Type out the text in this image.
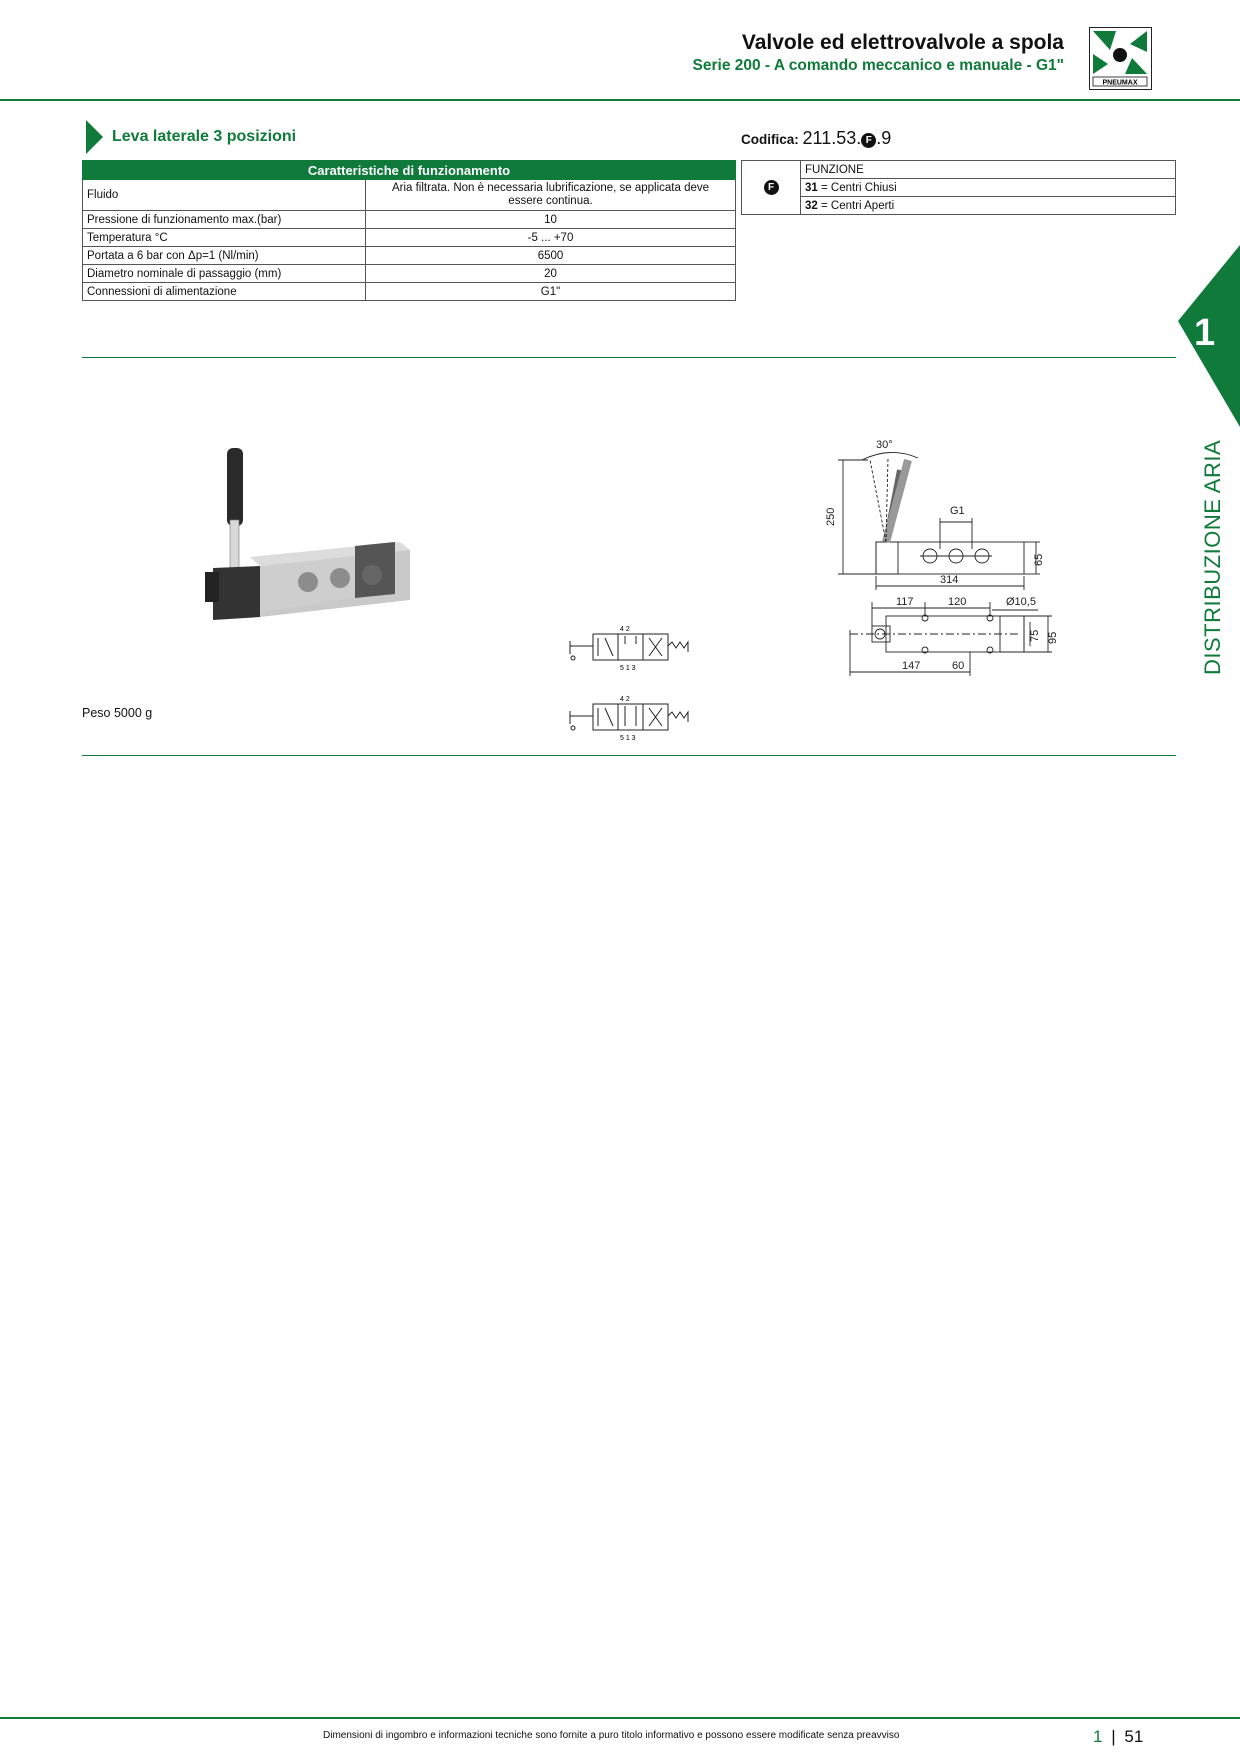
Valvole ed elettrovalvole a spola
Serie 200 - A comando meccanico e manuale - G1"
PNEUMAX
Leva laterale 3 posizioni	Codifica: 211.53. F .9
Caratteristiche di funzionamento	
Fluido	Aria filtrata. Non è necessaria lubrificazione, se applicata deve essere continua.
Pressione di funzionamento max.(bar)	10
Temperatura °C	-5 ... +70
Portata a 6 bar con Δp=1 (Nl/min)	6500
Diametro nominale di passaggio (mm)	20
Connessioni di alimentazione	G1"
F	FUNZIONE
31 = Centri Chiusi
32 = Centri Aperti
1
DISTRIBUZIONE ARIA
Peso 5000 g
4 2
5 1 3
4 2
5 1 3
30°
250	G1
65
314
117	120	Ø10,5
75 95
147	60
Dimensioni di ingombro e informazioni tecniche sono fornite a puro titolo informativo e possono essere modificate senza preavviso	1 | 51
